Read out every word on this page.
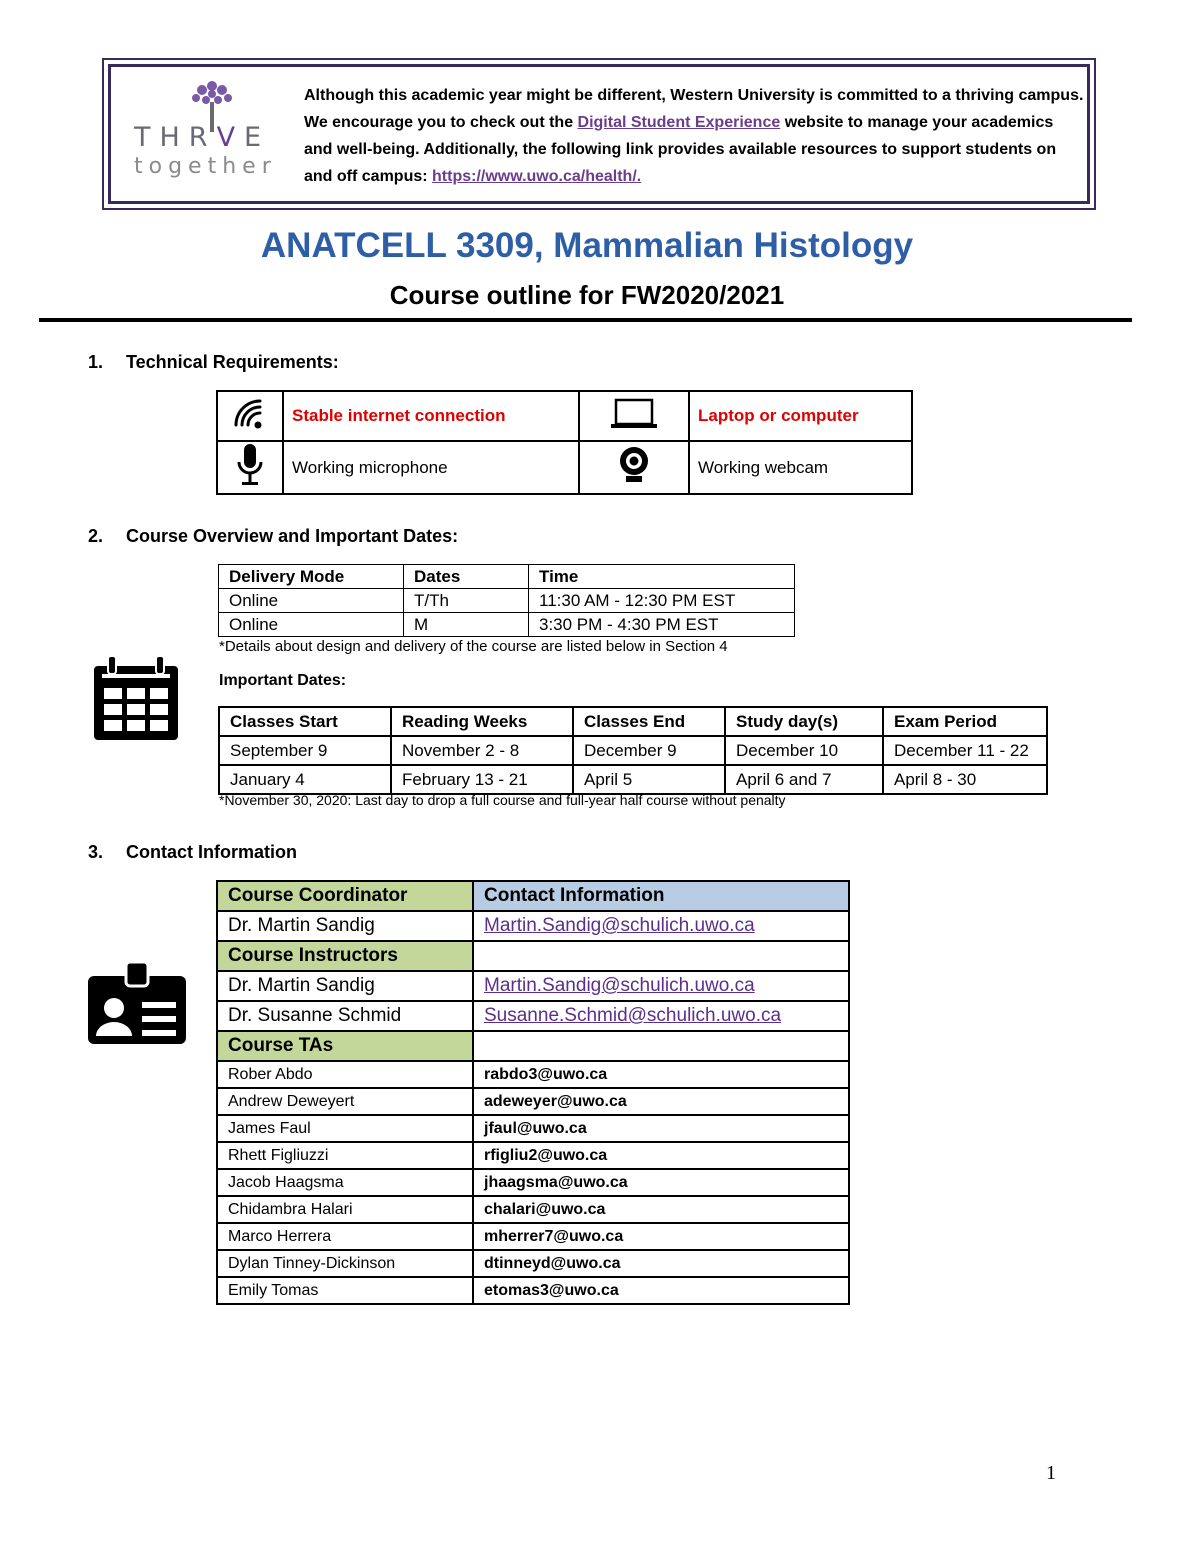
THRVE
together
Although this academic year might be different, Western University is committed to a thriving campus. We encourage you to check out the Digital Student Experience website to manage your academics and well-being. Additionally, the following link provides available resources to support students on and off campus: https://www.uwo.ca/health/.
ANATCELL 3309, Mammalian Histology
Course outline for FW2020/2021
1. Technical Requirements:
	Stable internet connection		Laptop or computer
	Working microphone		Working webcam
2. Course Overview and Important Dates:
Delivery Mode	Dates	Time
Online	T/Th	11:30 AM - 12:30 PM EST
Online	M	3:30 PM - 4:30 PM EST
*Details about design and delivery of the course are listed below in Section 4
Important Dates:
Classes Start	Reading Weeks	Classes End	Study day(s)	Exam Period
September 9	November 2 - 8	December 9	December 10	December 11 - 22
January 4	February 13 - 21	April 5	April 6 and 7	April 8 - 30
*November 30, 2020: Last day to drop a full course and full-year half course without penalty
3. Contact Information
Course Coordinator	Contact Information
Dr. Martin Sandig	Martin.Sandig@schulich.uwo.ca
Course Instructors	
Dr. Martin Sandig	Martin.Sandig@schulich.uwo.ca
Dr. Susanne Schmid	Susanne.Schmid@schulich.uwo.ca
Course TAs	
Rober Abdo	rabdo3@uwo.ca
Andrew Deweyert	adeweyer@uwo.ca
James Faul	jfaul@uwo.ca
Rhett Figliuzzi	rfigliu2@uwo.ca
Jacob Haagsma	jhaagsma@uwo.ca
Chidambra Halari	chalari@uwo.ca
Marco Herrera	mherrer7@uwo.ca
Dylan Tinney-Dickinson	dtinneyd@uwo.ca
Emily Tomas	etomas3@uwo.ca
1
